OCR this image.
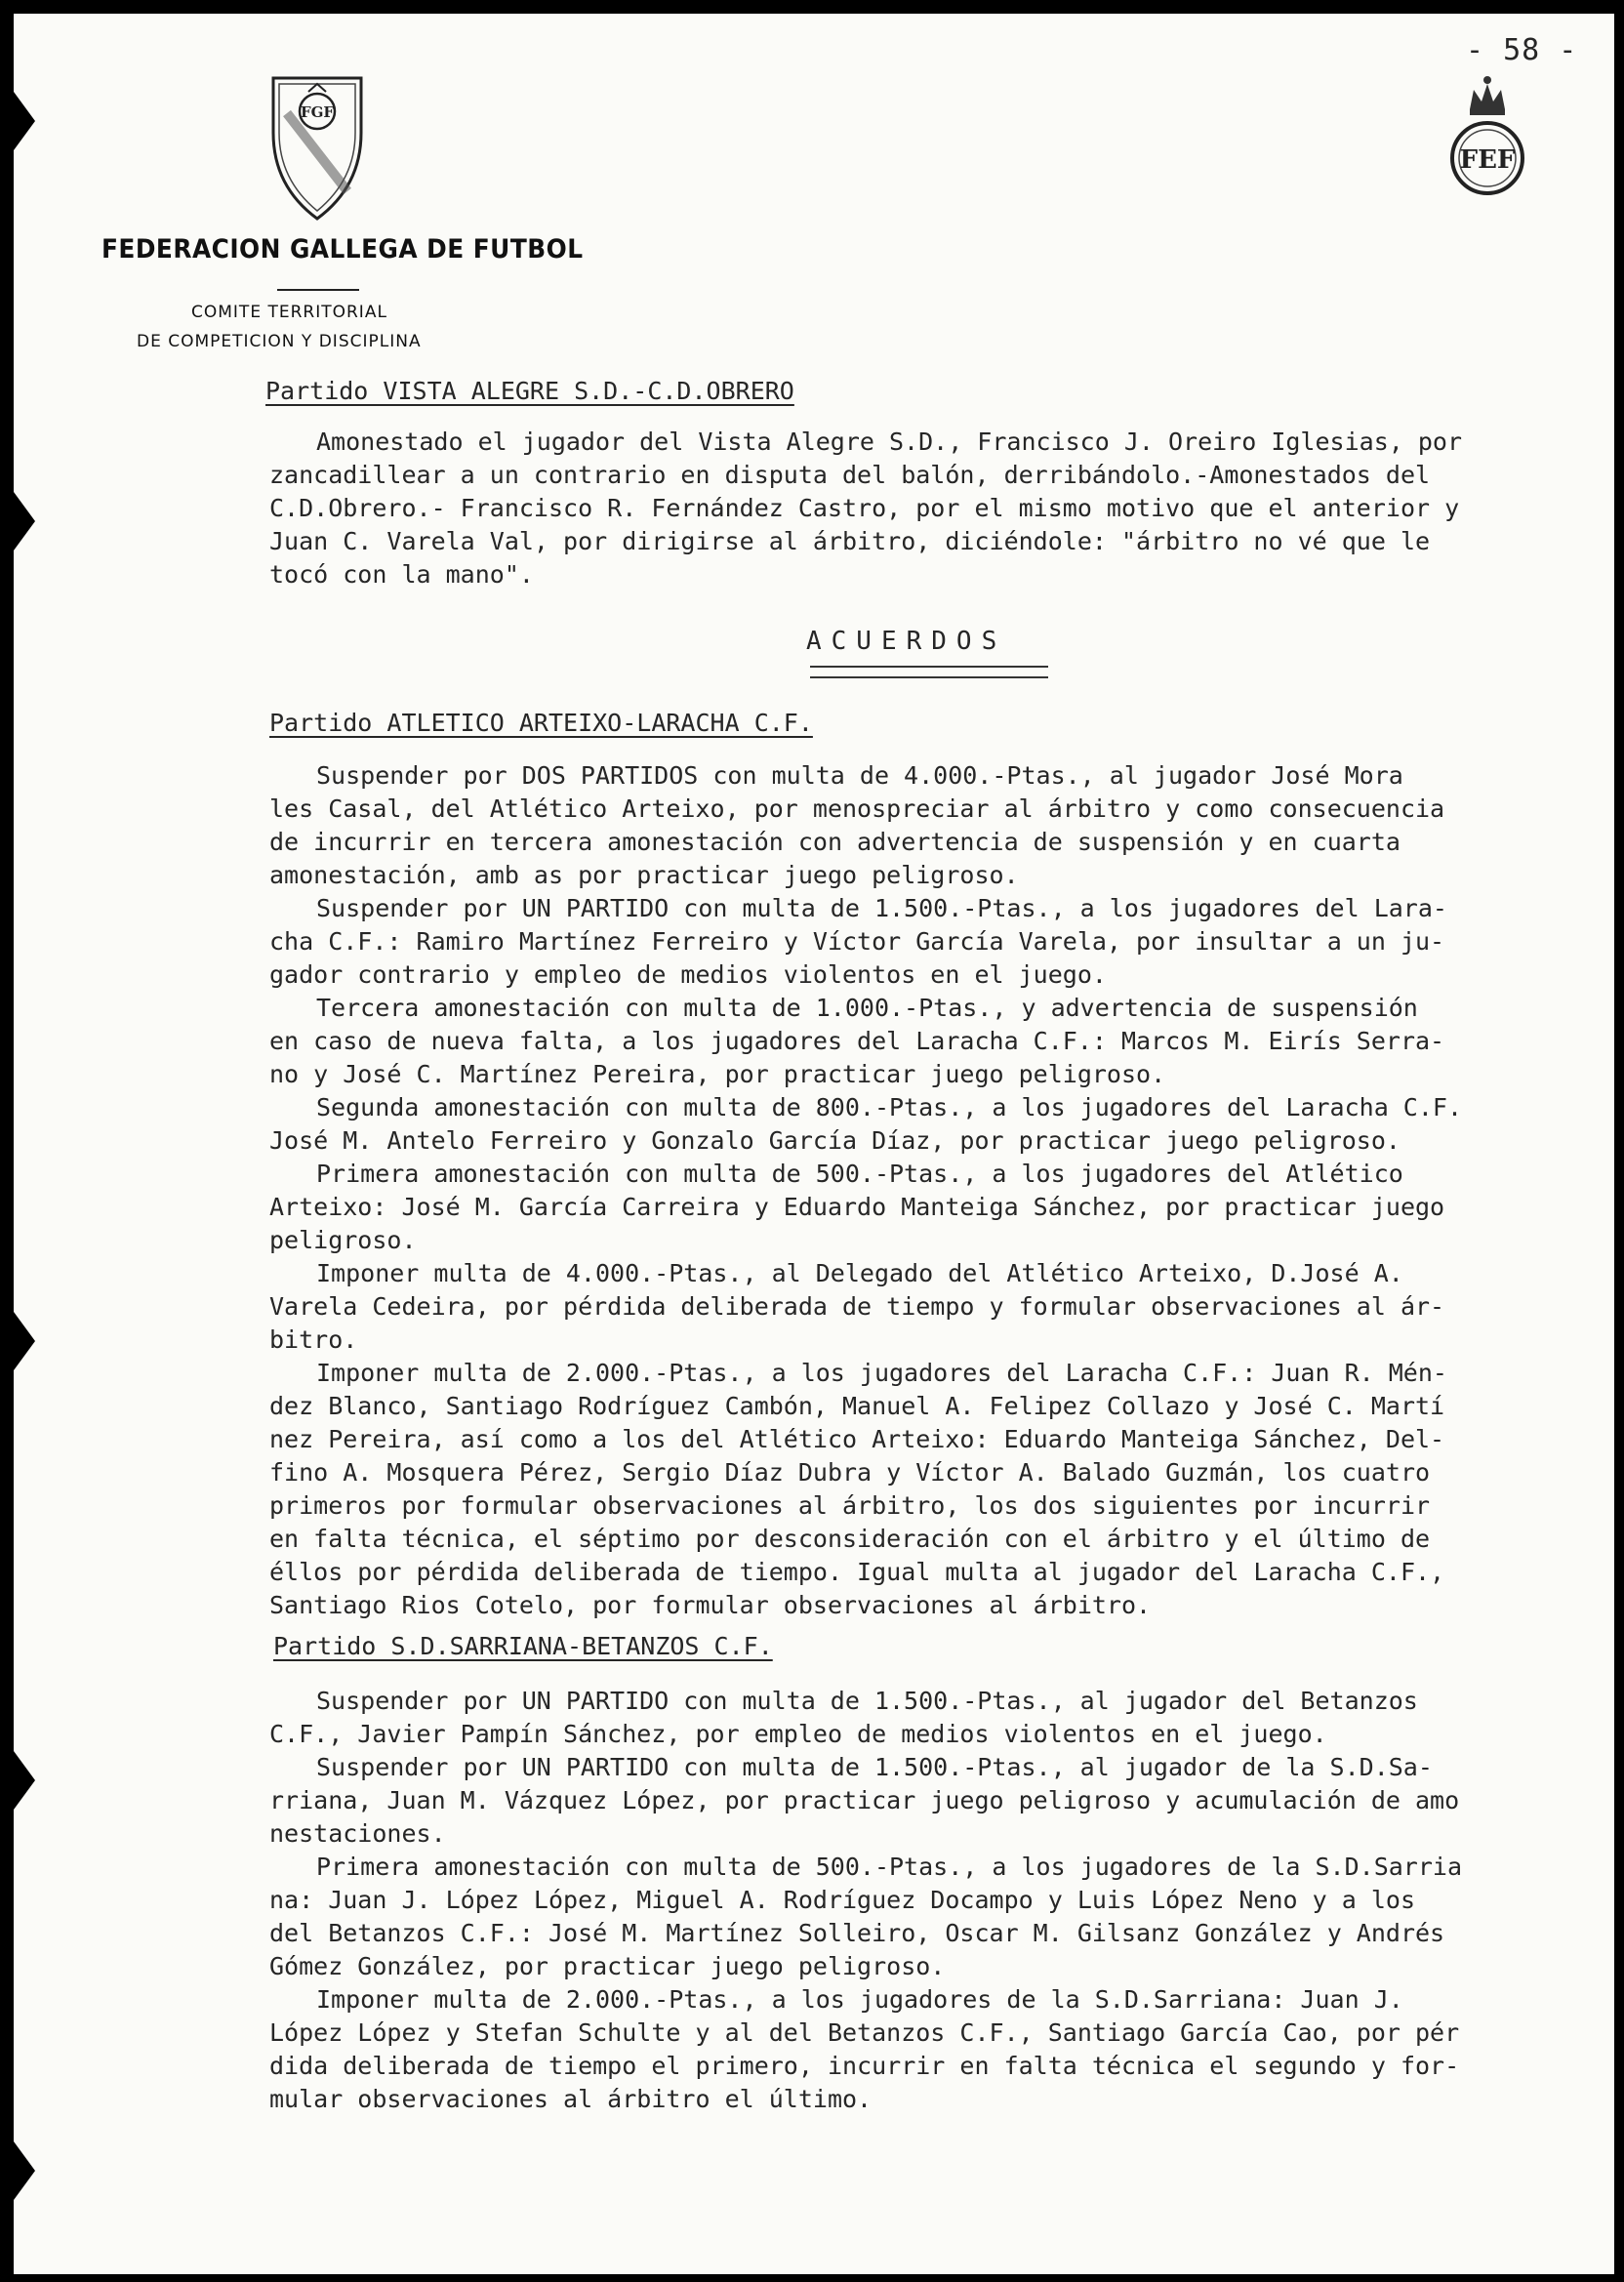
- 58 -
FGF
FEF
FEDERACION GALLEGA DE FUTBOL
COMITE TERRITORIAL
DE COMPETICION Y DISCIPLINA
Partido VISTA ALEGRE S.D.-C.D.OBRERO
Amonestado el jugador del Vista Alegre S.D., Francisco J. Oreiro Iglesias, por
zancadillear a un contrario en disputa del balón, derribándolo.-Amonestados del
C.D.Obrero.- Francisco R. Fernández Castro, por el mismo motivo que el anterior y
Juan C. Varela Val, por dirigirse al árbitro, diciéndole: "árbitro no vé que le
tocó con la mano".
ACUERDOS
Partido ATLETICO ARTEIXO-LARACHA C.F.
Suspender por DOS PARTIDOS con multa de 4.000.-Ptas., al jugador José Mora
les Casal, del Atlético Arteixo, por menospreciar al árbitro y como consecuencia
de incurrir en tercera amonestación con advertencia de suspensión y en cuarta
amonestación, amb as por practicar juego peligroso.
Suspender por UN PARTIDO con multa de 1.500.-Ptas., a los jugadores del Lara-
cha C.F.: Ramiro Martínez Ferreiro y Víctor García Varela, por insultar a un ju-
gador contrario y empleo de medios violentos en el juego.
Tercera amonestación con multa de 1.000.-Ptas., y advertencia de suspensión
en caso de nueva falta, a los jugadores del Laracha C.F.: Marcos M. Eirís Serra-
no y José C. Martínez Pereira, por practicar juego peligroso.
Segunda amonestación con multa de 800.-Ptas., a los jugadores del Laracha C.F.
José M. Antelo Ferreiro y Gonzalo García Díaz, por practicar juego peligroso.
Primera amonestación con multa de 500.-Ptas., a los jugadores del Atlético
Arteixo: José M. García Carreira y Eduardo Manteiga Sánchez, por practicar juego
peligroso.
Imponer multa de 4.000.-Ptas., al Delegado del Atlético Arteixo, D.José A.
Varela Cedeira, por pérdida deliberada de tiempo y formular observaciones al ár-
bitro.
Imponer multa de 2.000.-Ptas., a los jugadores del Laracha C.F.: Juan R. Mén-
dez Blanco, Santiago Rodríguez Cambón, Manuel A. Felipez Collazo y José C. Martí
nez Pereira, así como a los del Atlético Arteixo: Eduardo Manteiga Sánchez, Del-
fino A. Mosquera Pérez, Sergio Díaz Dubra y Víctor A. Balado Guzmán, los cuatro
primeros por formular observaciones al árbitro, los dos siguientes por incurrir
en falta técnica, el séptimo por desconsideración con el árbitro y el último de
éllos por pérdida deliberada de tiempo. Igual multa al jugador del Laracha C.F.,
Santiago Rios Cotelo, por formular observaciones al árbitro.
Partido S.D.SARRIANA-BETANZOS C.F.
Suspender por UN PARTIDO con multa de 1.500.-Ptas., al jugador del Betanzos
C.F., Javier Pampín Sánchez, por empleo de medios violentos en el juego.
Suspender por UN PARTIDO con multa de 1.500.-Ptas., al jugador de la S.D.Sa-
rriana, Juan M. Vázquez López, por practicar juego peligroso y acumulación de amo
nestaciones.
Primera amonestación con multa de 500.-Ptas., a los jugadores de la S.D.Sarria
na: Juan J. López López, Miguel A. Rodríguez Docampo y Luis López Neno y a los
del Betanzos C.F.: José M. Martínez Solleiro, Oscar M. Gilsanz González y Andrés
Gómez González, por practicar juego peligroso.
Imponer multa de 2.000.-Ptas., a los jugadores de la S.D.Sarriana: Juan J.
López López y Stefan Schulte y al del Betanzos C.F., Santiago García Cao, por pér
dida deliberada de tiempo el primero, incurrir en falta técnica el segundo y for-
mular observaciones al árbitro el último.
